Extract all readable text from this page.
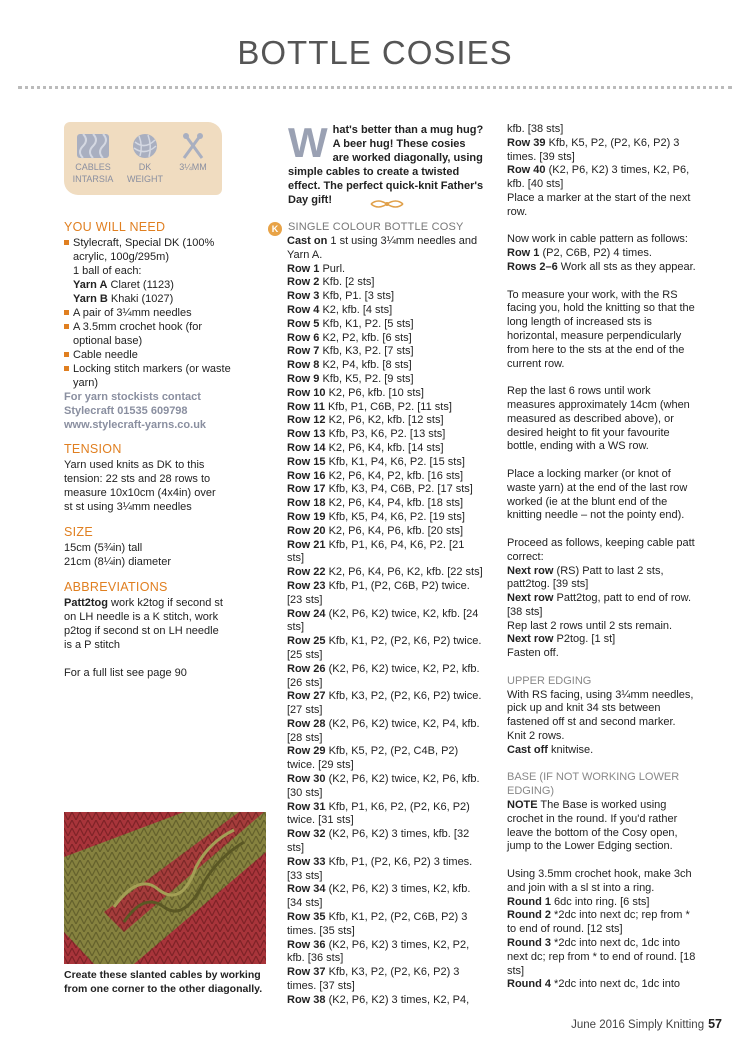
BOTTLE COSIES
CABLES
INTARSIA
DK
WEIGHT
3¼MM
YOU WILL NEED
Stylecraft, Special DK (100% acrylic, 100g/295m)
1 ball of each:
Yarn A Claret (1123)
Yarn B Khaki (1027)
A pair of 3¼mm needles
A 3.5mm crochet hook (for optional base)
Cable needle
Locking stitch markers (or waste yarn)
For yarn stockists contact
Stylecraft 01535 609798
www.stylecraft-yarns.co.uk
TENSION
Yarn used knits as DK to this tension: 22 sts and 28 rows to measure 10x10cm (4x4in) over st st using 3¼mm needles
SIZE
15cm (5¾in) tall
21cm (8¼in) diameter
ABBREVIATIONS
Patt2tog work k2tog if second st on LH needle is a K stitch, work p2tog if second st on LH needle is a P stitch
For a full list see page 90
Create these slanted cables by working from one corner to the other diagonally.
What's better than a mug hug? A beer hug! These cosies are worked diagonally, using simple cables to create a twisted effect. The perfect quick-knit Father's Day gift!
K SINGLE COLOUR BOTTLE COSY
Cast on 1 st using 3¼mm needles and Yarn A.
Row 1 Purl.
Row 2 Kfb. [2 sts]
Row 3 Kfb, P1. [3 sts]
Row 4 K2, kfb. [4 sts]
Row 5 Kfb, K1, P2. [5 sts]
Row 6 K2, P2, kfb. [6 sts]
Row 7 Kfb, K3, P2. [7 sts]
Row 8 K2, P4, kfb. [8 sts]
Row 9 Kfb, K5, P2. [9 sts]
Row 10 K2, P6, kfb. [10 sts]
Row 11 Kfb, P1, C6B, P2. [11 sts]
Row 12 K2, P6, K2, kfb. [12 sts]
Row 13 Kfb, P3, K6, P2. [13 sts]
Row 14 K2, P6, K4, kfb. [14 sts]
Row 15 Kfb, K1, P4, K6, P2. [15 sts]
Row 16 K2, P6, K4, P2, kfb. [16 sts]
Row 17 Kfb, K3, P4, C6B, P2. [17 sts]
Row 18 K2, P6, K4, P4, kfb. [18 sts]
Row 19 Kfb, K5, P4, K6, P2. [19 sts]
Row 20 K2, P6, K4, P6, kfb. [20 sts]
Row 21 Kfb, P1, K6, P4, K6, P2. [21 sts]
Row 22 K2, P6, K4, P6, K2, kfb. [22 sts]
Row 23 Kfb, P1, (P2, C6B, P2) twice. [23 sts]
Row 24 (K2, P6, K2) twice, K2, kfb. [24 sts]
Row 25 Kfb, K1, P2, (P2, K6, P2) twice. [25 sts]
Row 26 (K2, P6, K2) twice, K2, P2, kfb. [26 sts]
Row 27 Kfb, K3, P2, (P2, K6, P2) twice. [27 sts]
Row 28 (K2, P6, K2) twice, K2, P4, kfb. [28 sts]
Row 29 Kfb, K5, P2, (P2, C4B, P2) twice. [29 sts]
Row 30 (K2, P6, K2) twice, K2, P6, kfb. [30 sts]
Row 31 Kfb, P1, K6, P2, (P2, K6, P2) twice. [31 sts]
Row 32 (K2, P6, K2) 3 times, kfb. [32 sts]
Row 33 Kfb, P1, (P2, K6, P2) 3 times. [33 sts]
Row 34 (K2, P6, K2) 3 times, K2, kfb. [34 sts]
Row 35 Kfb, K1, P2, (P2, C6B, P2) 3 times. [35 sts]
Row 36 (K2, P6, K2) 3 times, K2, P2, kfb. [36 sts]
Row 37 Kfb, K3, P2, (P2, K6, P2) 3 times. [37 sts]
Row 38 (K2, P6, K2) 3 times, K2, P4,

kfb. [38 sts]

Row 39 Kfb, K5, P2, (P2, K6, P2) 3 times. [39 sts]
Row 40 (K2, P6, K2) 3 times, K2, P6, kfb. [40 sts]

Place a marker at the start of the next row.

Now work in cable pattern as follows:
Row 1 (P2, C6B, P2) 4 times.

Rows 2–6 Work all sts as they appear.

To measure your work, with the RS facing you, hold the knitting so that the long length of increased sts is horizontal, measure perpendicularly from here to the sts at the end of the current row.

Rep the last 6 rows until work measures approximately 14cm (when measured as described above), or desired height to fit your favourite bottle, ending with a WS row.

Place a locking marker (or knot of waste yarn) at the end of the last row worked (ie at the blunt end of the knitting needle – not the pointy end).

Proceed as follows, keeping cable patt correct:
Next row (RS) Patt to last 2 sts, patt2tog. [39 sts]
Next row Patt2tog, patt to end of row. [38 sts]
Rep last 2 rows until 2 sts remain.
Next row P2tog. [1 st]

Fasten off.

UPPER EDGING
With RS facing, using 3¼mm needles, pick up and knit 34 sts between fastened off st and second marker.
Knit 2 rows.

Cast off knitwise.

BASE (IF NOT WORKING LOWER EDGING)

NOTE The Base is worked using crochet in the round. If you'd rather leave the bottom of the Cosy open, jump to the Lower Edging section.

Using 3.5mm crochet hook, make 3ch and join with a sl st into a ring.
Round 1 6dc into ring. [6 sts]
Round 2 *2dc into next dc; rep from * to end of round. [12 sts]
Round 3 *2dc into next dc, 1dc into next dc; rep from * to end of round. [18 sts]
Round 4 *2dc into next dc, 1dc into
June 2016 Simply Knitting 57
